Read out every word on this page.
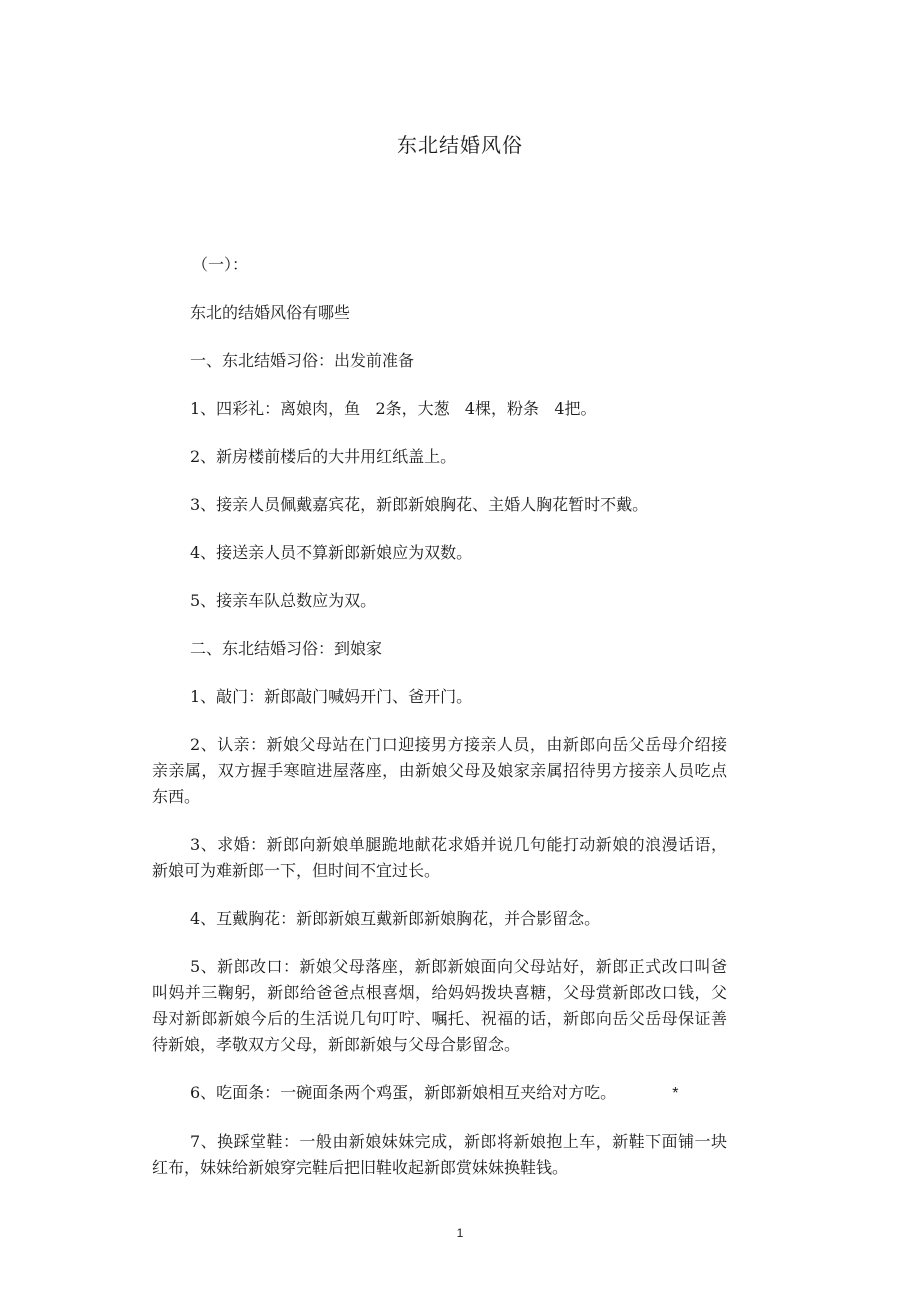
东北结婚风俗

（一）：

东北的结婚风俗有哪些

一、东北结婚习俗：出发前准备

1、四彩礼：离娘肉，鱼   2条，大葱   4棵，粉条   4把。

2、新房楼前楼后的大井用红纸盖上。

3、接亲人员佩戴嘉宾花，新郎新娘胸花、主婚人胸花暂时不戴。

4、接送亲人员不算新郎新娘应为双数。

5、接亲车队总数应为双。

二、东北结婚习俗：到娘家

1、敲门：新郎敲门喊妈开门、爸开门。

2、认亲：新娘父母站在门口迎接男方接亲人员，由新郎向岳父岳母介绍接亲亲属，双方握手寒暄进屋落座，由新娘父母及娘家亲属招待男方接亲人员吃点东西。

3、求婚：新郎向新娘单腿跪地献花求婚并说几句能打动新娘的浪漫话语，新娘可为难新郎一下，但时间不宜过长。

4、互戴胸花：新郎新娘互戴新郎新娘胸花，并合影留念。

5、新郎改口：新娘父母落座，新郎新娘面向父母站好，新郎正式改口叫爸叫妈并三鞠躬，新郎给爸爸点根喜烟，给妈妈拨块喜糖，父母赏新郎改口钱，父母对新郎新娘今后的生活说几句叮咛、嘱托、祝福的话，新郎向岳父岳母保证善待新娘，孝敬双方父母，新郎新娘与父母合影留念。

6、吃面条：一碗面条两个鸡蛋，新郎新娘相互夹给对方吃。	*

7、换踩堂鞋：一般由新娘妹妹完成，新郎将新娘抱上车，新鞋下面铺一块红布，妹妹给新娘穿完鞋后把旧鞋收起新郎赏妹妹换鞋钱。

1
